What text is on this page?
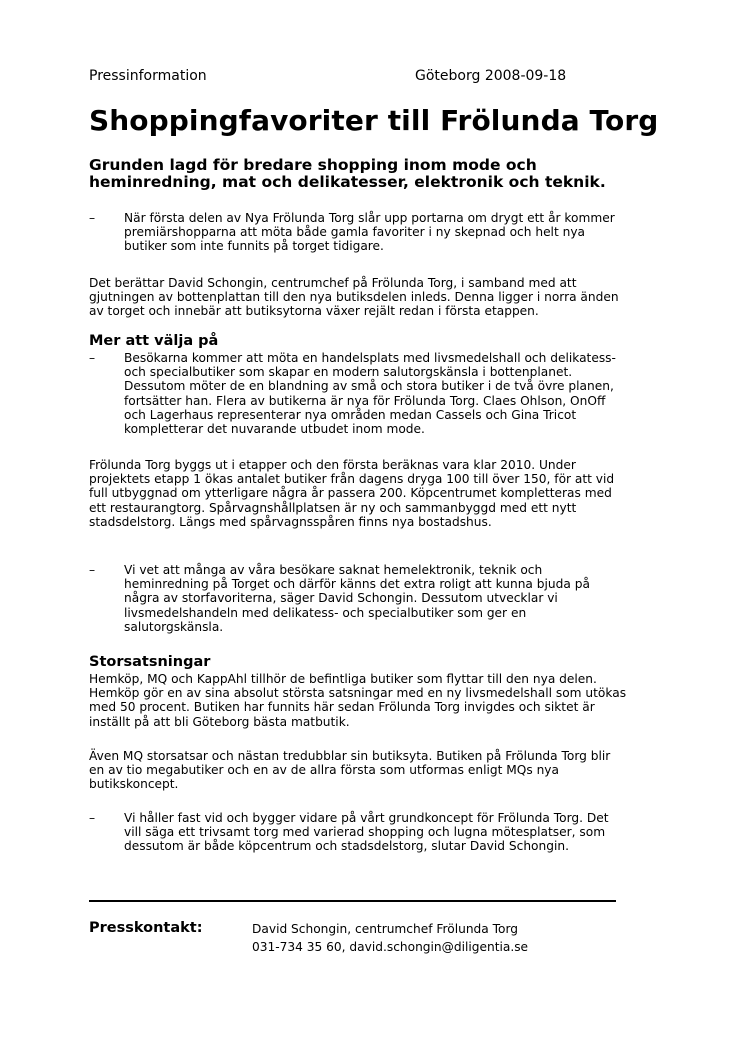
Pressinformation	Göteborg 2008-09-18
Shoppingfavoriter till Frölunda Torg

Grunden lagd för bredare shopping inom mode och heminredning, mat och delikatesser, elektronik och teknik.

– När första delen av Nya Frölunda Torg slår upp portarna om drygt ett år kommer premiärshopparna att möta både gamla favoriter i ny skepnad och helt nya butiker som inte funnits på torget tidigare.

Det berättar David Schongin, centrumchef på Frölunda Torg, i samband med att gjutningen av bottenplattan till den nya butiksdelen inleds. Denna ligger i norra änden av torget och innebär att butiksytorna växer rejält redan i första etappen.

Mer att välja på
– Besökarna kommer att möta en handelsplats med livsmedelshall och delikatess- och specialbutiker som skapar en modern salutorgskänsla i bottenplanet. Dessutom möter de en blandning av små och stora butiker i de två övre planen, fortsätter han. Flera av butikerna är nya för Frölunda Torg. Claes Ohlson, OnOff och Lagerhaus representerar nya områden medan Cassels och Gina Tricot kompletterar det nuvarande utbudet inom mode.

Frölunda Torg byggs ut i etapper och den första beräknas vara klar 2010. Under projektets etapp 1 ökas antalet butiker från dagens dryga 100 till över 150, för att vid full utbyggnad om ytterligare några år passera 200. Köpcentrumet kompletteras med ett restaurangtorg. Spårvagnshållplatsen är ny och sammanbyggd med ett nytt stadsdelstorg. Längs med spårvagnsspåren finns nya bostadshus.

– Vi vet att många av våra besökare saknat hemelektronik, teknik och heminredning på Torget och därför känns det extra roligt att kunna bjuda på några av storfavoriterna, säger David Schongin. Dessutom utvecklar vi livsmedelshandeln med delikatess- och specialbutiker som ger en salutorgskänsla.
Storsatsningar

Hemköp, MQ och KappAhl tillhör de befintliga butiker som flyttar till den nya delen. Hemköp gör en av sina absolut största satsningar med en ny livsmedelshall som utökas med 50 procent. Butiken har funnits här sedan Frölunda Torg invigdes och siktet är inställt på att bli Göteborg bästa matbutik.

Även MQ storsatsar och nästan tredubblar sin butiksyta. Butiken på Frölunda Torg blir en av tio megabutiker och en av de allra första som utformas enligt MQs nya butikskoncept.

– Vi håller fast vid och bygger vidare på vårt grundkoncept för Frölunda Torg. Det vill säga ett trivsamt torg med varierad shopping och lugna mötesplatser, som dessutom är både köpcentrum och stadsdelstorg, slutar David Schongin.
Presskontakt:	David Schongin, centrumchef Frölunda Torg
031-734 35 60, david.schongin@diligentia.se
